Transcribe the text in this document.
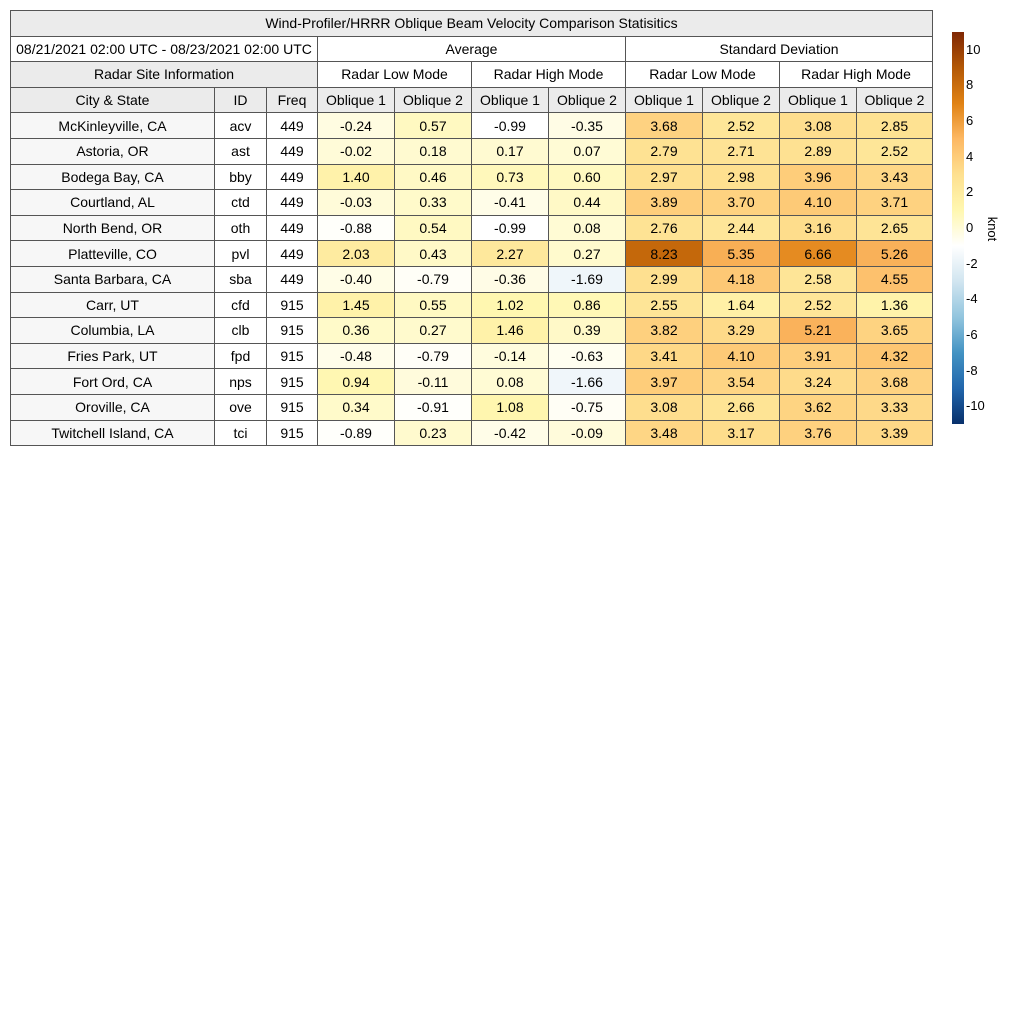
Wind-Profiler/HRRR Oblique Beam Velocity Comparison Statisitics										
08/21/2021 02:00 UTC - 08/23/2021 02:00 UTC			Average				Standard Deviation			
Radar Site Information			Radar Low Mode		Radar High Mode		Radar Low Mode		Radar High Mode	
City & State	ID	Freq	Oblique 1	Oblique 2	Oblique 1	Oblique 2	Oblique 1	Oblique 2	Oblique 1	Oblique 2
McKinleyville, CA	acv	449	-0.24	0.57	-0.99	-0.35	3.68	2.52	3.08	2.85
Astoria, OR	ast	449	-0.02	0.18	0.17	0.07	2.79	2.71	2.89	2.52
Bodega Bay, CA	bby	449	1.40	0.46	0.73	0.60	2.97	2.98	3.96	3.43
Courtland, AL	ctd	449	-0.03	0.33	-0.41	0.44	3.89	3.70	4.10	3.71
North Bend, OR	oth	449	-0.88	0.54	-0.99	0.08	2.76	2.44	3.16	2.65
Platteville, CO	pvl	449	2.03	0.43	2.27	0.27	8.23	5.35	6.66	5.26
Santa Barbara, CA	sba	449	-0.40	-0.79	-0.36	-1.69	2.99	4.18	2.58	4.55
Carr, UT	cfd	915	1.45	0.55	1.02	0.86	2.55	1.64	2.52	1.36
Columbia, LA	clb	915	0.36	0.27	1.46	0.39	3.82	3.29	5.21	3.65
Fries Park, UT	fpd	915	-0.48	-0.79	-0.14	-0.63	3.41	4.10	3.91	4.32
Fort Ord, CA	nps	915	0.94	-0.11	0.08	-1.66	3.97	3.54	3.24	3.68
Oroville, CA	ove	915	0.34	-0.91	1.08	-0.75	3.08	2.66	3.62	3.33
Twitchell Island, CA	tci	915	-0.89	0.23	-0.42	-0.09	3.48	3.17	3.76	3.39
10
8
6
4
2
0
-2
-4
-6
-8
-10
knot
